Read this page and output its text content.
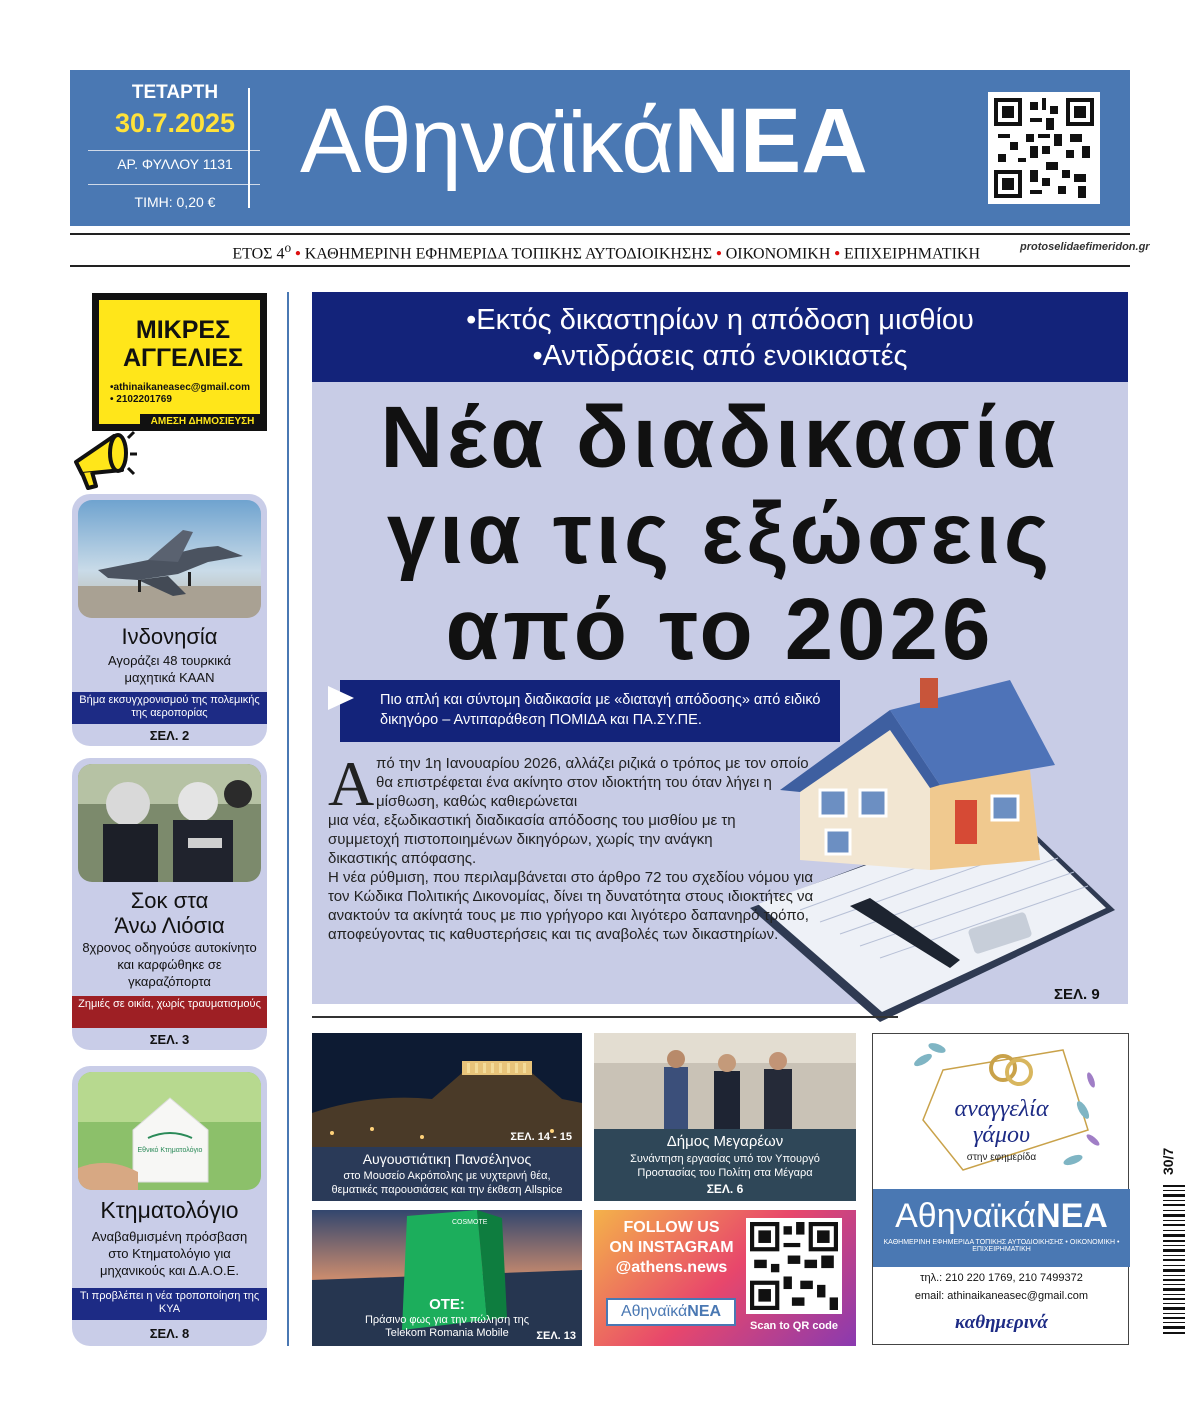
ΤΕΤΑΡΤΗ
30.7.2025
ΑΡ. ΦΥΛΛΟΥ 1131
ΤΙΜΗ: 0,20 €
ΑθηναϊκάΝΕΑ
ΕΤΟΣ $4^o$ • ΚΑΘΗΜΕΡΙΝΗ ΕΦΗΜΕΡΙΔΑ ΤΟΠΙΚΗΣ ΑΥΤΟΔΙΟΙΚΗΣΗΣ • ΟΙΚΟΝΟΜΙΚΗ • ΕΠΙΧΕΙΡΗΜΑΤΙΚΗ	protoselidaefimeridon.gr
ΜΙΚΡΕΣ
ΑΓΓΕΛΙΕΣ
•athinaikaneasec@gmail.com
• 2102201769
ΑΜΕΣΗ ΔΗΜΟΣΙΕΥΣΗ
Ινδονησία
Αγοράζει 48 τουρκικά μαχητικά ΚΑΑΝ
Βήμα εκσυγχρονισμού της πολεμικής της αεροπορίας
ΣΕΛ. 2
Σοκ στα
Άνω Λιόσια
8χρονος οδηγούσε αυτοκίνητο και καρφώθηκε σε γκαραζόπορτα
Ζημιές σε οικία, χωρίς τραυματισμούς
ΣΕΛ. 3
Εθνικό Κτηματολόγιο
Κτηματολόγιο
Αναβαθμισμένη πρόσβαση στο Κτηματολόγιο για μηχανικούς και Δ.Α.Ο.Ε.
Τι προβλέπει η νέα τροποποίηση της ΚΥΑ
ΣΕΛ. 8
•Εκτός δικαστηρίων η απόδοση μισθίου
•Αντιδράσεις από ενοικιαστές
Νέα διαδικασία
για τις εξώσεις
από το 2026
Πιο απλή και σύντομη διαδικασία με «διαταγή απόδοσης» από ειδικό δικηγόρο – Αντιπαράθεση ΠΟΜΙΔΑ και ΠΑ.ΣΥ.ΠΕ.
Α πό την 1η Ιανουαρίου 2026, αλλάζει ριζικά ο τρόπος με τον οποίο θα επιστρέφεται ένα ακίνητο στον ιδιοκτήτη του όταν λήγει η μίσθωση, καθώς καθιερώνεται

μια νέα, εξωδικαστική διαδικασία απόδοσης του μισθίου με τη συμμετοχή πιστοποιημένων δικηγόρων, χωρίς την ανάγκη δικαστικής απόφασης.

Η νέα ρύθμιση, που περιλαμβάνεται στο άρθρο 72 του σχεδίου νόμου για τον Κώδικα Πολιτικής Δικονομίας, δίνει τη δυνατότητα στους ιδιοκτήτες να ανακτούν τα ακίνητά τους με πιο γρήγορο και λιγότερο δαπανηρό τρόπο, αποφεύγοντας τις καθυστερήσεις και τις αναβολές των δικαστηρίων.

ΣΕΛ. 9
ΣΕΛ. 14 - 15
Αυγουστιάτικη Πανσέληνος
στο Μουσείο Ακρόπολης με νυχτερινή θέα, θεματικές παρουσιάσεις και την έκθεση Allspice
Δήμος Μεγαρέων
Συνάντηση εργασίας υπό τον Υπουργό Προστασίας του Πολίτη στα Μέγαρα
ΣΕΛ. 6
COSMOTE
ΟΤΕ:
Πράσινο φως για την πώληση της Telekom Romania Mobile	ΣΕΛ. 13
FOLLOW US
ON INSTAGRAM
@athens.news
ΑθηναϊκάΝΕΑ
Scan to QR code
αναγγελία
γάμου
στην εφημερίδα
ΑθηναϊκάΝΕΑ
ΚΑΘΗΜΕΡΙΝΗ ΕΦΗΜΕΡΙΔΑ ΤΟΠΙΚΗΣ ΑΥΤΟΔΙΟΙΚΗΣΗΣ • ΟΙΚΟΝΟΜΙΚΗ • ΕΠΙΧΕΙΡΗΜΑΤΙΚΗ
τηλ.: 210 220 1769, 210 7499372
email: athinaikaneasec@gmail.com
καθημερινά
30/7
